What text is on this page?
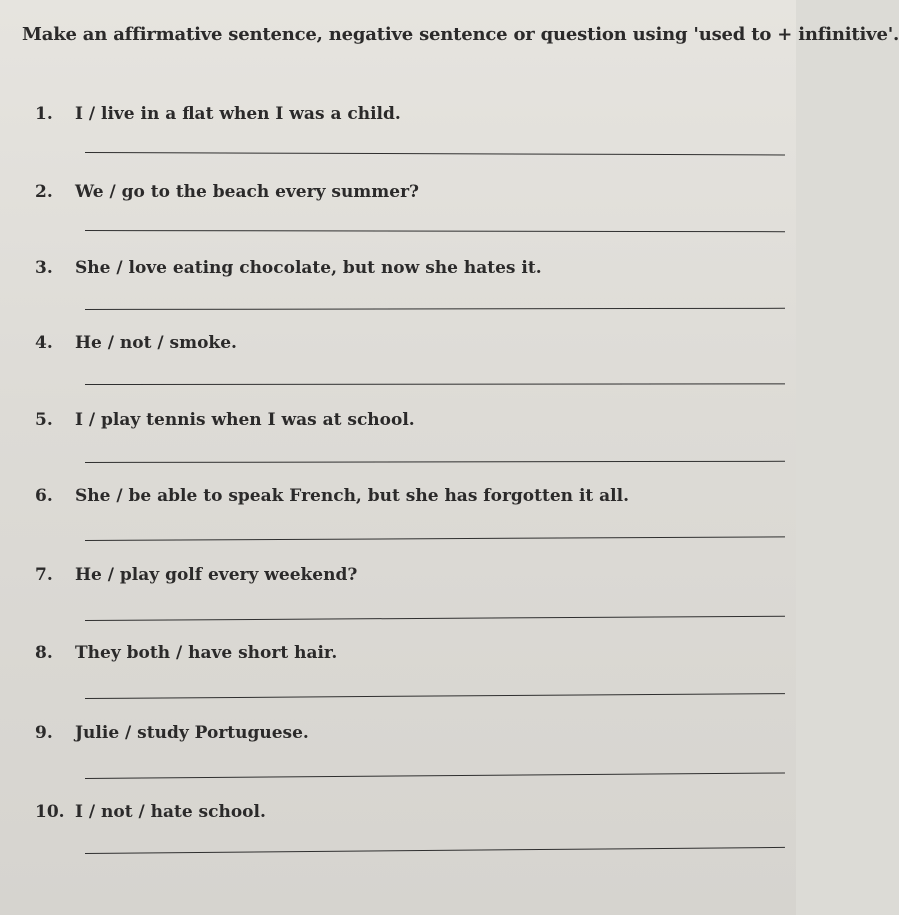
Make an affirmative sentence, negative sentence or question using 'used to + infinitive'.
1. I / live in a flat when I was a child.
2. We / go to the beach every summer?
3. She / love eating chocolate, but now she hates it.
4. He / not / smoke.
5. I / play tennis when I was at school.
6. She / be able to speak French, but she has forgotten it all.
7. He / play golf every weekend?
8. They both / have short hair.
9. Julie / study Portuguese.
10. I / not / hate school.
